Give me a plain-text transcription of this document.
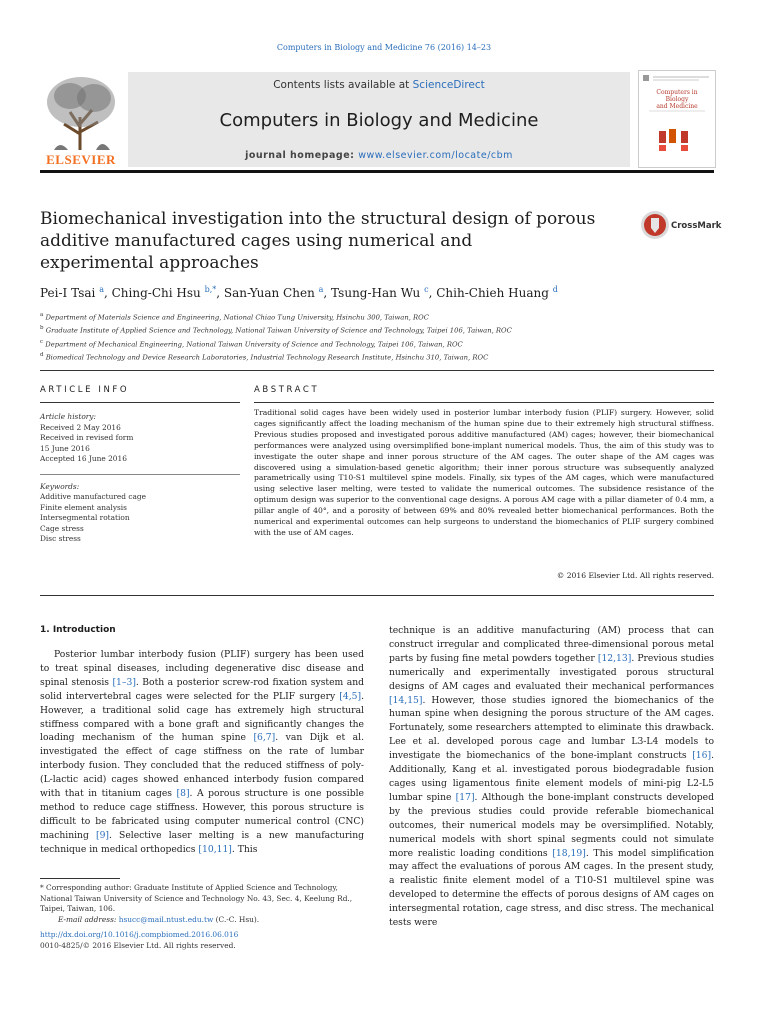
Computers in Biology and Medicine 76 (2016) 14–23
ELSEVIER
Contents lists available at ScienceDirect
Computers in Biology and Medicine
journal homepage: www.elsevier.com/locate/cbm
Computers in Biology
and Medicine
Biomechanical investigation into the structural design of porous
additive manufactured cages using numerical and
experimental approaches
CrossMark
Pei-I Tsai $^a$, Ching-Chi Hsu $^{b,*}$, San-Yuan Chen $^a$, Tsung-Han Wu $^c$, Chih-Chieh Huang $^d$
$^a$ Department of Materials Science and Engineering, National Chiao Tung University, Hsinchu 300, Taiwan, ROC
$^b$ Graduate Institute of Applied Science and Technology, National Taiwan University of Science and Technology, Taipei 106, Taiwan, ROC
$^c$ Department of Mechanical Engineering, National Taiwan University of Science and Technology, Taipei 106, Taiwan, ROC
$^d$ Biomedical Technology and Device Research Laboratories, Industrial Technology Research Institute, Hsinchu 310, Taiwan, ROC
ARTICLE INFO
Article history:
Received 2 May 2016
Received in revised form
15 June 2016
Accepted 16 June 2016
Keywords:
Additive manufactured cage
Finite element analysis
Intersegmental rotation
Cage stress
Disc stress
ABSTRACT
Traditional solid cages have been widely used in posterior lumbar interbody fusion (PLIF) surgery. However, solid cages significantly affect the loading mechanism of the human spine due to their extremely high structural stiffness. Previous studies proposed and investigated porous additive manufactured (AM) cages; however, their biomechanical performances were analyzed using oversimplified bone-implant numerical models. Thus, the aim of this study was to investigate the outer shape and inner porous structure of the AM cages. The outer shape of the AM cages was discovered using a simulation-based genetic algorithm; their inner porous structure was subsequently analyzed parametrically using T10-S1 multilevel spine models. Finally, six types of the AM cages, which were manufactured using selective laser melting, were tested to validate the numerical outcomes. The subsidence resistance of the optimum design was superior to the conventional cage designs. A porous AM cage with a pillar diameter of 0.4 mm, a pillar angle of 40°, and a porosity of between 69% and 80% revealed better biomechanical performances. Both the numerical and experimental outcomes can help surgeons to understand the biomechanics of PLIF surgery combined with the use of AM cages.
© 2016 Elsevier Ltd. All rights reserved.
1. Introduction
Posterior lumbar interbody fusion (PLIF) surgery has been used to treat spinal diseases, including degenerative disc disease and spinal stenosis [1–3]. Both a posterior screw-rod fixation system and solid intervertebral cages were selected for the PLIF surgery [4,5]. However, a traditional solid cage has extremely high structural stiffness compared with a bone graft and significantly changes the loading mechanism of the human spine [6,7]. van Dijk et al. investigated the effect of cage stiffness on the rate of lumbar interbody fusion. They concluded that the reduced stiffness of poly-(L-lactic acid) cages showed enhanced interbody fusion compared with that in titanium cages [8]. A porous structure is one possible method to reduce cage stiffness. However, this porous structure is difficult to be fabricated using computer numerical control (CNC) machining [9]. Selective laser melting is a new manufacturing technique in medical orthopedics [10,11]. This
technique is an additive manufacturing (AM) process that can construct irregular and complicated three-dimensional porous metal parts by fusing fine metal powders together [12,13]. Previous studies numerically and experimentally investigated porous structural designs of AM cages and evaluated their mechanical performances [14,15]. However, those studies ignored the biomechanics of the human spine when designing the porous structure of the AM cages. Fortunately, some researchers attempted to eliminate this drawback. Lee et al. developed porous cage and lumbar L3-L4 models to investigate the biomechanics of the bone-implant constructs [16]. Additionally, Kang et al. investigated porous biodegradable fusion cages using ligamentous finite element models of mini-pig L2-L5 lumbar spine [17]. Although the bone-implant constructs developed by the previous studies could provide referable biomechanical outcomes, their numerical models may be oversimplified. Notably, numerical models with short spinal segments could not simulate more realistic loading conditions [18,19]. This model simplification may affect the evaluations of porous AM cages. In the present study, a realistic finite element model of a T10-S1 multilevel spine was developed to determine the effects of porous designs of AM cages on intersegmental rotation, cage stress, and disc stress. The mechanical tests were
* Corresponding author: Graduate Institute of Applied Science and Technology, National Taiwan University of Science and Technology No. 43, Sec. 4, Keelung Rd., Taipei, Taiwan, 106.
E-mail address: hsucc@mail.ntust.edu.tw (C.-C. Hsu).
http://dx.doi.org/10.1016/j.compbiomed.2016.06.016
0010-4825/© 2016 Elsevier Ltd. All rights reserved.
